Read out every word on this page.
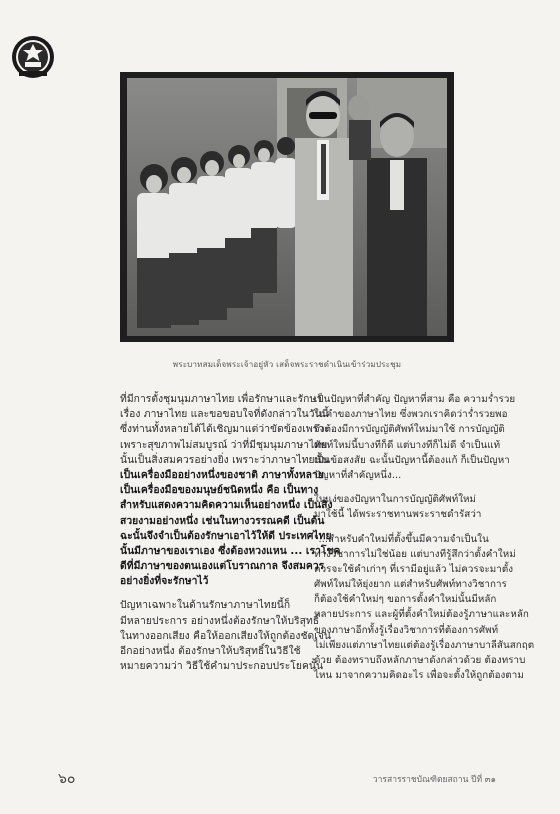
พระบาทสมเด็จพระเจ้าอยู่หัว เสด็จพระราชดำเนินเข้าร่วมประชุม
ที่มีการตั้งชุมนุมภาษาไทย เพื่อรักษาและรักษา
เรื่อง ภาษาไทย และขอขอบใจที่ดังกล่าวในวันนี้
ซึ่งท่านทั้งหลายได้ได้เชิญมาแต่ว่าขัดข้องเพราะ
เพราะสุขภาพไม่สมบูรณ์ ว่าที่มีชุมนุมภาษาไทย
นั้นเป็นสิ่งสมควรอย่างยิ่ง เพราะว่าภาษาไทยนั้น
เป็นเครื่องมืออย่างหนึ่งของชาติ ภาษาทั้งหลาย
เป็นเครื่องมือของมนุษย์ชนิดหนึ่ง คือ เป็นทาง
สำหรับแสดงความคิดความเห็นอย่างหนึ่ง เป็นสิ่ง
สวยงามอย่างหนึ่ง เช่นในทางวรรณคดี เป็นต้น
ฉะนั้นจึงจำเป็นต้องรักษาเอาไว้ให้ดี ประเทศไทย
นั้นมีภาษาของเราเอง ซึ่งต้องหวงแหน ... เราโชค
ดีที่มีภาษาของตนเองแต่โบราณกาล จึงสมควร
อย่างยิ่งที่จะรักษาไว้
ปัญหาเฉพาะในด้านรักษาภาษาไทยนี้ก็
มีหลายประการ อย่างหนึ่งต้องรักษาให้บริสุทธิ์
ในทางออกเสียง คือให้ออกเสียงให้ถูกต้องชัดเจน
อีกอย่างหนึ่ง ต้องรักษาให้บริสุทธิ์ในวิธีใช้
หมายความว่า วิธีใช้คำมาประกอบประโยคนั้น
เป็นปัญหาที่สำคัญ ปัญหาที่สาม คือ ความร่ำรวย
ในคำของภาษาไทย ซึ่งพวกเราคิดว่าร่ำรวยพอ
จึงต้องมีการบัญญัติศัพท์ใหม่มาใช้ การบัญญัติ
ศัพท์ใหม่นี้บางทีก็ดี แต่บางทีก็ไม่ดี จำเป็นแท้
เป็นข้อสงสัย ฉะนั้นปัญหานี้ต้องแก้ ก็เป็นปัญหา
ปัญหาที่สำคัญหนึ่ง...
ในแง่ของปัญหาในการบัญญัติศัพท์ใหม่
มาใช้นี้ ได้พระราชทานพระราชดำรัสว่า
"...สำหรับคำใหม่ที่ตั้งขึ้นมีความจำเป็นใน
ทางวิชาการไม่ใช่น้อย แต่บางทีรู้สึกว่าตั้งคำใหม่
ควรจะใช้คำเก่าๆ ที่เรามีอยู่แล้ว ไม่ควรจะมาตั้ง
ศัพท์ใหม่ให้ยุ่งยาก แต่สำหรับศัพท์ทางวิชาการ
ก็ต้องใช้คำใหม่ๆ ขอการตั้งคำใหม่นั้นมีหลัก
หลายประการ และผู้ที่ตั้งคำใหม่ต้องรู้ภาษาและหลัก
ของภาษาอีกทั้งรู้เรื่องวิชาการที่ต้องการศัพท์
ไม่เพียงแต่ภาษาไทยแต่ต้องรู้เรื่องภาษาบาลีสันสกฤต
ด้วย ต้องทราบถึงหลักภาษาดังกล่าวด้วย ต้องทราบ
ไหน มาจากความคิดอะไร เพื่อจะตั้งให้ถูกต้องตาม
๖๐	วารสารราชบัณฑิตยสถาน ปีที่ ๓๑
